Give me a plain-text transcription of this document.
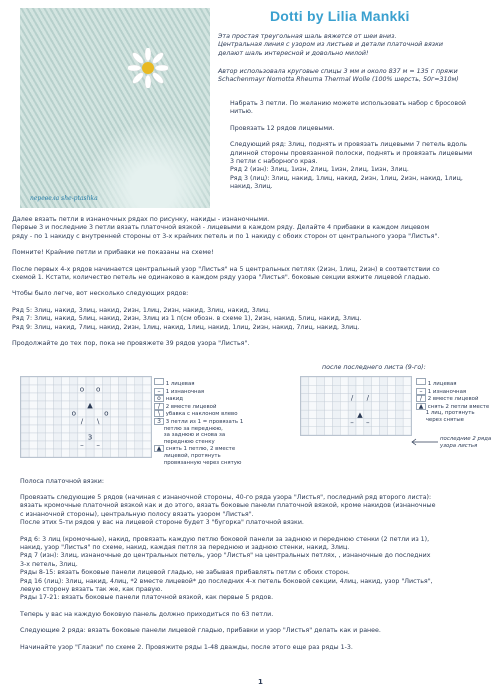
перевела she-ptashka
Dotti by Lilia Mankki
Эта простая треугольная шаль вяжется от шеи вниз.
Центральная линия с узором из листьев и детали платочной вязки
делают шаль интересной и довольно милой!
Автор использовала круговые спицы 3 мм и около 837 м = 135 г пряжи
Schachenmayr Nomotta Rheuma Thermal Wolle (100% шерсть, 50г=310м)
Набрать 3 петли. По желанию можете использовать набор с бросовой
нитью.
Провязать 12 рядов лицевыми.
Следующий ряд: 3лиц, поднять и провязать лицевыми 7 петель вдоль
длинной стороны провязанной полоски, поднять и провязать лицевыми
3 петли с наборного края.
Ряд 2 (изн): 3лиц, 1изн, 2лиц, 1изн, 2лиц, 1изн, 3лиц.
Ряд 3 (лиц): 3лиц, накид, 1лиц, накид, 2изн, 1лиц, 2изн, накид, 1лиц,
накид, 3лиц.
Далее вязать петли в изнаночных рядах по рисунку, накиды - изнаночными.
Первые 3 и последние 3 петли вязать платочной вязкой - лицевыми в каждом ряду. Делайте 4 прибавки в каждом лицевом
ряду - по 1 накиду с внутренней стороны от 3-х крайних петель и по 1 накиду с обоих сторон от центрального узора "Листья".
Помните! Крайние петли и прибавки не показаны на схеме!
После первых 4-х рядов начинается центральный узор "Листья" на 5 центральных петлях (2изн, 1лиц, 2изн) в соответствии со
схемой 1. Кстати, количество петель не одинаково в каждом ряду узора "Листья". боковые секции вяжите лицевой гладью.
Чтобы было легче, вот несколько следующих рядов:
Ряд 5: 3лиц, накид, 3лиц, накид, 2изн, 1лиц, 2изн, накид, 3лиц, накид, 3лиц.
Ряд 7: 3лиц, накид, 5лиц, накид, 2изн, 3лиц из 1 п(см обозн. в схеме 1), 2изн, накид, 5лиц, накид, 3лиц.
Ряд 9: 3лиц, накид, 7лиц, накид, 2изн, 1лиц, накид, 1лиц, накид, 1лиц, 2изн, накид, 7лиц, накид, 3лиц.
Продолжайте до тех пор, пока не провяжете 39 рядов узора "Листья".
после последнего листа (9-го):
o o
▲
o	o
/ \
3
– –
1 лицевая
– 1 изнаночная
o накид
/ 2 вместе лицевой
\ убавка с наклоном влево
3 3 петли из 1 = провязать 1
петлю за переднюю,
за заднюю и снова за
переднюю стенку
▲ снять 1 петлю, 2 вместе
лицевой, протянуть
провязанную через снятую
/ /
▲
– –
1 лицевая
– 1 изнаночная
/ 2 вместе лицевой
▲ снять 2 петли вместе
1 лиц, протянуть
через снятые
последние 2 ряда
узора листья
Полоса платочной вязки:
Провязать следующие 5 рядов (начиная с изнаночной стороны, 40-го ряда узора "Листья", последний ряд второго листа):
вязать кромочные платочной вязкой как и до этого, вязать боковые панели платочной вязкой, кроме накидов (изнаночные
с изнаночной стороны), центральную полосу вязать узором "Листья".
После этих 5-ти рядов у вас на лицевой стороне будет 3 "бугорка" платочной вязки.
Ряд 6: 3 лиц (кромочные), накид, провязать каждую петлю боковой панели за заднюю и переднюю стенки (2 петли из 1),
накид, узор "Листья" по схеме, накид, каждая петля за переднюю и заднюю стенки, накид, 3лиц.
Ряд 7 (изн): 3лиц, изнаночные до центральных петель, узор "Листья" на центральных петлях, , изнаночные до последних
3-х петель, 3лиц.
Ряды 8-15: вязать боковые панели лицевой гладью, не забывая прибавлять петли с обоих сторон.
Ряд 16 (лиц): 3лиц, накид, 4лиц, *2 вместе лицевой* до последних 4-х петель боковой секции, 4лиц, накид, узор "Листья",
левую сторону вязать так же, как правую.
Ряды 17-21: вязать боковые панели платочной вязкой, как первые 5 рядов.
Теперь у вас на каждую боковую панель должно приходиться по 63 петли.
Следующие 2 ряда: вязать боковые панели лицевой гладью, прибавки и узор "Листья" делать как и ранее.
Начинайте узор "Глазки" по схеме 2. Провяжите ряды 1-48 дважды, после этого еще раз ряды 1-3.
1
